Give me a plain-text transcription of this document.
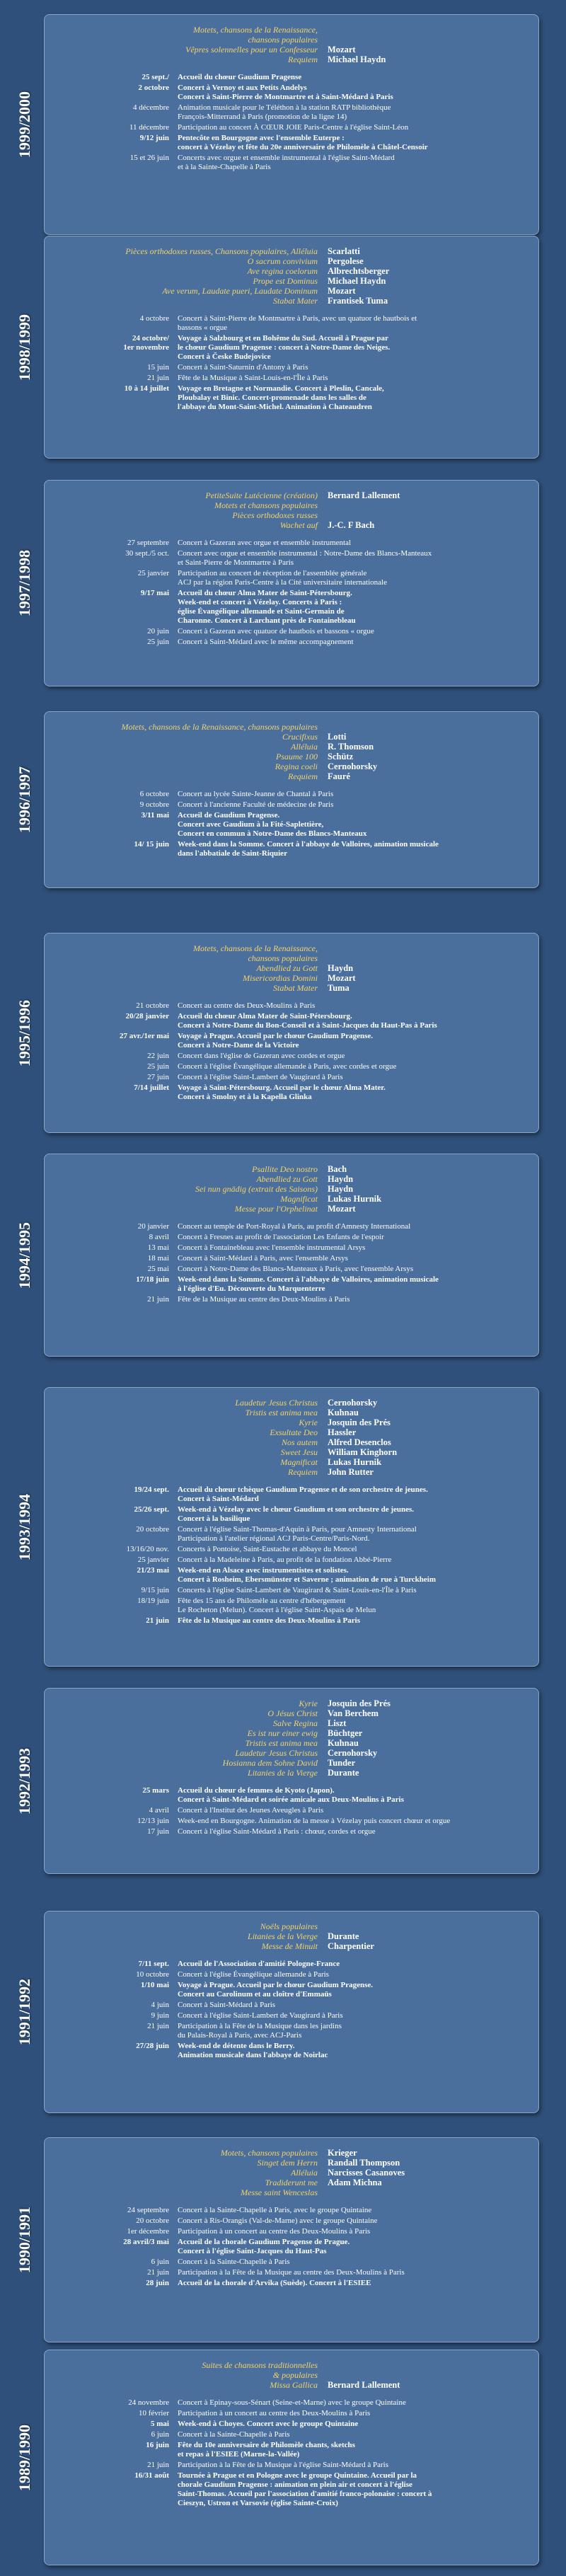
1999/2000
Motets, chansons de la Renaissance,
chansons populaires
Vêpres solennelles pour un Confesseur Mozart
Requiem Michael Haydn
25 sept./ Accueil du chœur Gaudium Pragense
2 octobre Concert à Vernoy et aux Petits Andelys
Concert à Saint-Pierre de Montmartre et à Saint-Médard à Paris
4 décembre Animation musicale pour le Téléthon à la station RATP bibliothèque
François-Mitterrand à Paris (promotion de la ligne 14)
11 décembre Participation au concert À CŒUR JOIE Paris-Centre à l'église Saint-Léon
9/12 juin Pentecôte en Bourgogne avec l'ensemble Euterpe :
concert à Vézelay et fête du 20e anniversaire de Philomèle à Châtel-Censoir
15 et 26 juin Concerts avec orgue et ensemble instrumental à l'église Saint-Médard
et à la Sainte-Chapelle à Paris
1998/1999
Pièces orthodoxes russes, Chansons populaires, Alléluia Scarlatti
O sacrum convivium Pergolese
Ave regina coelorum Albrechtsberger
Prope est Dominus Michael Haydn
Ave verum, Laudate pueri, Laudate Dominum Mozart
Stabat Mater Frantisek Tuma
4 octobre Concert à Saint-Pierre de Montmartre à Paris, avec un quatuor de hautbois et
bassons « orgue
24 octobre/
1er novembre
Voyage à Salzbourg et en Bohême du Sud. Accueil à Prague par
le chœur Gaudium Pragense : concert à Notre-Dame des Neiges.
Concert à Česke Budejovice
15 juin Concert à Saint-Saturnin d'Antony à Paris
21 juin Fête de la Musique à Saint-Louis-en-l'Île à Paris
10 à 14 juillet Voyage en Bretagne et Normandie. Concert à Pleslin, Cancale,
Ploubalay et Binic. Concert-promenade dans les salles de
l'abbaye du Mont-Saint-Michel. Animation à Chateaudren
1997/1998
PetiteSuite Lutécienne (création) Bernard Lallement
Motets et chansons populaires
Pièces orthodoxes russes
Wachet auf J.-C. F Bach
27 septembre Concert à Gazeran avec orgue et ensemble instrumental
30 sept./5 oct. Concert avec orgue et ensemble instrumental : Notre-Dame des Blancs-Manteaux
et Saint-Pierre de Montmartre à Paris
25 janvier Participation au concert de réception de l'assemblée générale
ACJ par la région Paris-Centre à la Cité universitaire internationale
9/17 mai Accueil du chœur Alma Mater de Saint-Pétersbourg.
Week-end et concert à Vézelay. Concerts à Paris :
église Évangélique allemande et Saint-Germain de
Charonne. Concert à Larchant près de Fontainebleau
20 juin Concert à Gazeran avec quatuor de hautbois et bassons « orgue
25 juin Concert à Saint-Médard avec le même accompagnement
1996/1997
Motets, chansons de la Renaissance, chansons populaires
Crucifixus Lotti
Alléluia R. Thomson
Psaume 100 Schütz
Regina coeli Cernohorsky
Requiem Fauré
6 octobre Concert au lycée Sainte-Jeanne de Chantal à Paris
9 octobre Concert à l'ancienne Faculté de médecine de Paris
3/11 mai Accueil de Gaudium Pragense.
Concert avec Gaudium à la Fité-Saplettière,
Concert en commun à Notre-Dame des Blancs-Manteaux
14/ 15 juin Week-end dans la Somme. Concert à l'abbaye de Valloires, animation musicale
dans l'abbatiale de Saint-Riquier
1995/1996
Motets, chansons de la Renaissance,
chansons populaires
Abendlied zu Gott Haydn
Misericordias Domini Mozart
Stabat Mater Tuma
21 octobre Concert au centre des Deux-Moulins à Paris
20/28 janvier Accueil du chœur Alma Mater de Saint-Pétersbourg.
Concert à Notre-Dame du Bon-Conseil et à Saint-Jacques du Haut-Pas à Paris
27 avr./1er mai Voyage à Prague. Accueil par le chœur Gaudium Pragense.
Concert à Notre-Dame de la Victoire
22 juin Concert dans l'église de Gazeran avec cordes et orgue
25 juin Concert à l'église Évangélique allemande à Paris, avec cordes et orgue
27 juin Concert à l'église Saint-Lambert de Vaugirard à Paris
7/14 juillet Voyage à Saint-Pétersbourg. Accueil par le chœur Alma Mater.
Concert à Smolny et à la Kapella Glinka
1994/1995
Psallite Deo nostro Bach
Abendlied zu Gott Haydn
Sei nun gnädig (extrait des Saisons) Haydn
Magnificat Lukas Hurnik
Messe pour l'Orphelinat Mozart
20 janvier Concert au temple de Port-Royal à Paris, au profit d'Amnesty International
8 avril Concert à Fresnes au profit de l'association Les Enfants de l'espoir
13 mai Concert à Fontainebleau avec l'ensemble instrumental Arsys
18 mai Concert à Saint-Médard à Paris, avec l'ensemble Arsys
25 mai Concert à Notre-Dame des Blancs-Manteaux à Paris, avec l'ensemble Arsys
17/18 juin Week-end dans la Somme. Concert à l'abbaye de Valloires, animation musicale
à l'église d'Eu. Découverte du Marquenterre
21 juin Fête de la Musique au centre des Deux-Moulins à Paris
1993/1994
Laudetur Jesus Christus Cernohorsky
Tristis est anima mea Kuhnau
Kyrie Josquin des Prés
Exsultate Deo Hassler
Nos autem Alfred Desenclos
Sweet Jesu William Kinghorn
Magnificat Lukas Hurnik
Requiem John Rutter
19/24 sept. Accueil du chœur tchèque Gaudium Pragense et de son orchestre de jeunes.
Concert à Saint-Médard
25/26 sept. Week-end à Vézelay avec le chœur Gaudium et son orchestre de jeunes.
Concert à la basilique
20 octobre Concert à l'église Saint-Thomas-d'Aquin à Paris, pour Amnesty International
Participation à l'atelier régional ACJ Paris-Centre/Paris-Nord.
13/16/20 nov. Concerts à Pontoise, Saint-Eustache et abbaye du Moncel
25 janvier Concert à la Madeleine à Paris, au profit de la fondation Abbé-Pierre
21/23 mai Week-end en Alsace avec instrumentistes et solistes.
Concert à Rosheim, Ebersmünster et Saverne ; animation de rue à Turckheim
9/15 juin Concerts à l'église Saint-Lambert de Vaugirard & Saint-Louis-en-l'Île à Paris
18/19 juin Fête des 15 ans de Philomèle au centre d'hébergement
Le Rocheton (Melun). Concert à l'église Saint-Aspais de Melun
21 juin Fête de la Musique au centre des Deux-Moulins à Paris
1992/1993
Kyrie Josquin des Prés
O Jésus Christ Van Berchem
Salve Regina Liszt
Es ist nur einer ewig Büchtger
Tristis est anima mea Kuhnau
Laudetur Jesus Christus Cernohorsky
Hosianna dem Sohne David Tunder
Litanies de la Vierge Durante
25 mars Accueil du chœur de femmes de Kyoto (Japon).
Concert à Saint-Médard et soirée amicale aux Deux-Moulins à Paris
4 avril Concert à l'Institut des Jeunes Aveugles à Paris
12/13 juin Week-end en Bourgogne. Animation de la messe à Vézelay puis concert chœur et orgue
17 juin Concert à l'église Saint-Médard à Paris : chœur, cordes et orgue
1991/1992
Noëls populaires
Litanies de la Vierge Durante
Messe de Minuit Charpentier
7/11 sept. Accueil de l'Association d'amitié Pologne-France
10 octobre Concert à l'église Évangélique allemande à Paris
1/10 mai Voyage à Prague. Accueil par le chœur Gaudium Pragense.
Concert au Carolinum et au cloître d'Emmaüs
4 juin Concert à Saint-Médard à Paris
9 juin Concert à l'église Saint-Lambert de Vaugirard à Paris
21 juin Participation à la Fête de la Musique dans les jardins
du Palais-Royal à Paris, avec ACJ-Paris
27/28 juin Week-end de détente dans le Berry.
Animation musicale dans l'abbaye de Noirlac
1990/1991
Motets, chansons populaires Krieger
Singet dem Herrn Randall Thompson
Alléluia Narcisses Casanoves
Tradiderunt me Adam Michna
Messe saint Wenceslas
24 septembre Concert à la Sainte-Chapelle à Paris, avec le groupe Quintaine
20 octobre Concert à Ris-Orangis (Val-de-Marne) avec le groupe Quintaine
1er décembre Participation à un concert au centre des Deux-Moulins à Paris
28 avril/3 mai Accueil de la chorale Gaudium Pragense de Prague.
Concert à l'église Saint-Jacques du Haut-Pas
6 juin Concert à la Sainte-Chapelle à Paris
21 juin Participation à la Fête de la Musique au centre des Deux-Moulins à Paris
28 juin Accueil de la chorale d'Arvika (Suède). Concert à l'ESIEE
1989/1990
Suites de chansons traditionnelles
& populaires
Missa Gallica Bernard Lallement
24 novembre Concert à Epinay-sous-Sénart (Seine-et-Marne) avec le groupe Quintaine
10 février Participation à un concert au centre des Deux-Moulins à Paris
5 mai Week-end à Choyes. Concert avec le groupe Quintaine
6 juin Concert à la Sainte-Chapelle à Paris
16 juin Fête du 10e anniversaire de Philomèle chants, sketchs
et repas à l'ESIEE (Marne-la-Vallée)
21 juin Participation à la Fête de la Musique à l'église Saint-Médard à Paris
16/31 août Tournée à Prague et en Pologne avec le groupe Quintaine. Accueil par la
chorale Gaudium Pragense : animation en plein air et concert à l'église
Saint-Thomas. Accueil par l'association d'amitié franco-polonaise : concert à
Cieszyn, Ustron et Varsovie (église Sainte-Croix)
